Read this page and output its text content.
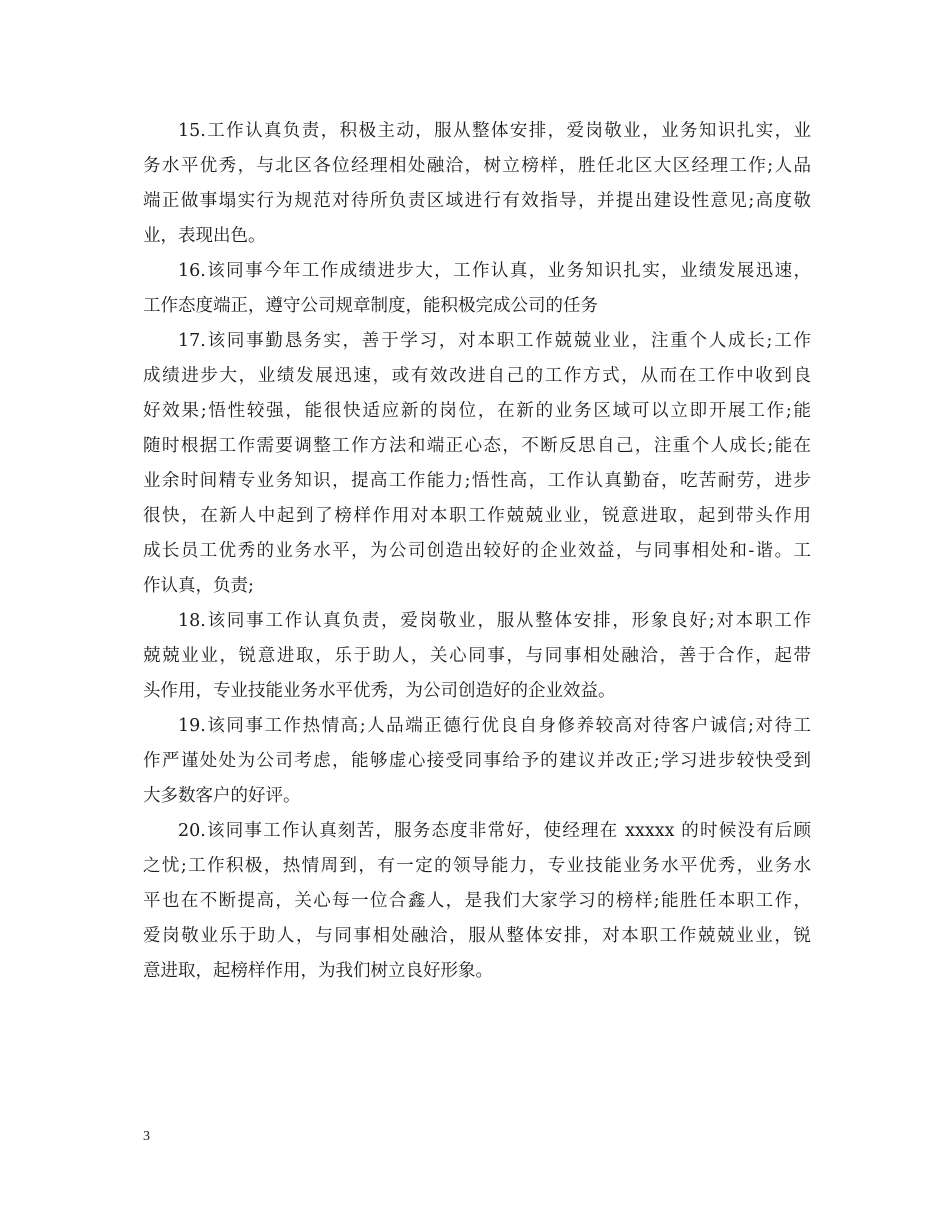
15.工作认真负责，积极主动，服从整体安排，爱岗敬业，业务知识扎实，业
务水平优秀，与北区各位经理相处融洽，树立榜样，胜任北区大区经理工作;人品
端正做事塌实行为规范对待所负责区域进行有效指导，并提出建设性意见;高度敬
业，表现出色。
16.该同事今年工作成绩进步大，工作认真，业务知识扎实，业绩发展迅速，
工作态度端正，遵守公司规章制度，能积极完成公司的任务
17.该同事勤恳务实，善于学习，对本职工作兢兢业业，注重个人成长;工作
成绩进步大，业绩发展迅速，或有效改进自己的工作方式，从而在工作中收到良
好效果;悟性较强，能很快适应新的岗位，在新的业务区域可以立即开展工作;能
随时根据工作需要调整工作方法和端正心态，不断反思自己，注重个人成长;能在
业余时间精专业务知识，提高工作能力;悟性高，工作认真勤奋，吃苦耐劳，进步
很快，在新人中起到了榜样作用对本职工作兢兢业业，锐意进取，起到带头作用
成长员工优秀的业务水平，为公司创造出较好的企业效益，与同事相处和-谐。工
作认真，负责;
18.该同事工作认真负责，爱岗敬业，服从整体安排，形象良好;对本职工作
兢兢业业，锐意进取，乐于助人，关心同事，与同事相处融洽，善于合作，起带
头作用，专业技能业务水平优秀，为公司创造好的企业效益。
19.该同事工作热情高;人品端正德行优良自身修养较高对待客户诚信;对待工
作严谨处处为公司考虑，能够虚心接受同事给予的建议并改正;学习进步较快受到
大多数客户的好评。
20.该同事工作认真刻苦，服务态度非常好，使经理在 xxxxx 的时候没有后顾
之忧;工作积极，热情周到，有一定的领导能力，专业技能业务水平优秀，业务水
平也在不断提高，关心每一位合鑫人，是我们大家学习的榜样;能胜任本职工作，
爱岗敬业乐于助人，与同事相处融洽，服从整体安排，对本职工作兢兢业业，锐
意进取，起榜样作用，为我们树立良好形象。
3
